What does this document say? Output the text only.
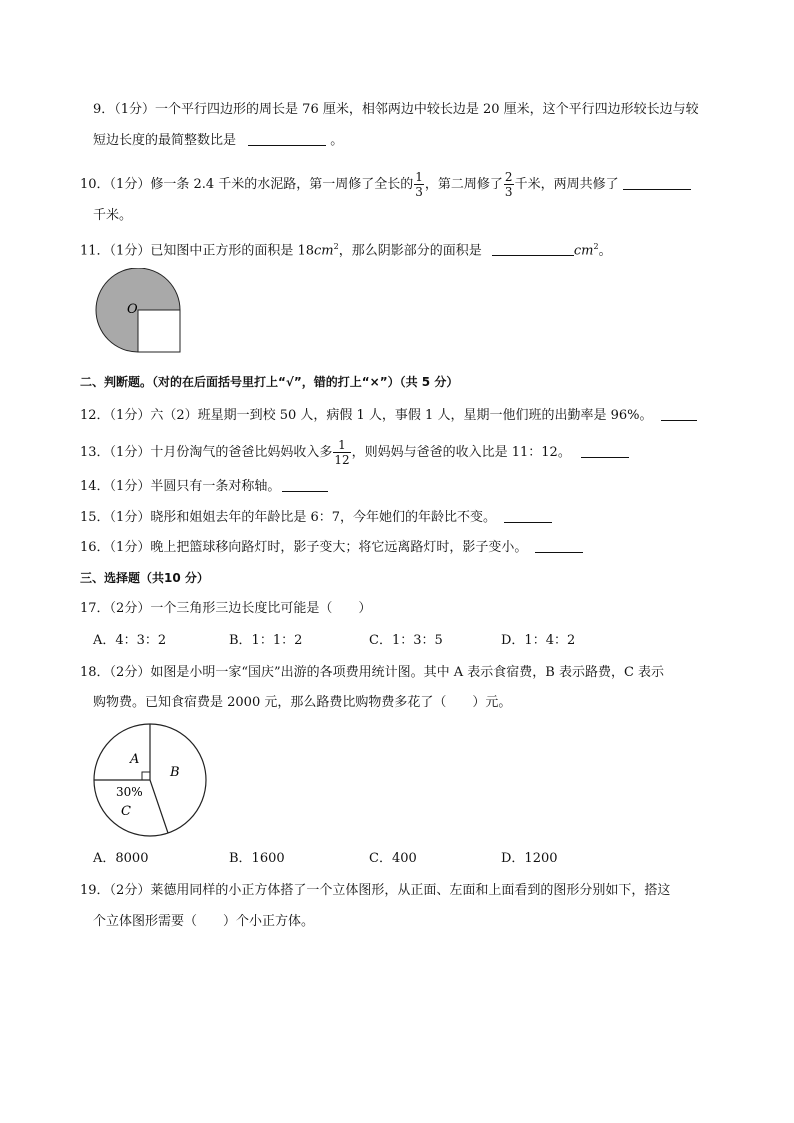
9．（1分）一个平行四边形的周长是 76 厘米，相邻两边中较长边是 20 厘米，这个平行四边形较长边与较
短边长度的最简整数比是	。
10．（1分）修一条 2.4 千米的水泥路，第一周修了全长的 $\frac{1}{3}$ ，第二周修了 $\frac{2}{3}$ 千米，两周共修了
千米。
11．（1分）已知图中正方形的面积是 $18cm^2$，那么阴影部分的面积是	$cm^2$。
O
二、判断题。（对的在后面括号里打上“√”，错的打上“×”）（共 5 分）
12．（1分）六（2）班星期一到校 50 人，病假 1 人，事假 1 人，星期一他们班的出勤率是 96%。
13．（1分）十月份淘气的爸爸比妈妈收入多 $\frac{1}{12}$ ，则妈妈与爸爸的收入比是 11：12。
14．（1分）半圆只有一条对称轴。
15．（1分）晓彤和姐姐去年的年龄比是 6：7，今年她们的年龄比不变。
16．（1分）晚上把篮球移向路灯时，影子变大；将它远离路灯时，影子变小。
三、选择题（共10 分）
17．（2分）一个三角形三边长度比可能是（　　）
A．4：3：2	B．1：1：2	C．1：3：5	D．1：4：2
18．（2分）如图是小明一家“国庆”出游的各项费用统计图。其中 A 表示食宿费，B 表示路费，C 表示
购物费。已知食宿费是 2000 元，那么路费比购物费多花了（　　）元。
A
B
30%
C
A．8000	B．1600	C．400	D．1200
19．（2分）莱德用同样的小正方体搭了一个立体图形，从正面、左面和上面看到的图形分别如下，搭这
个立体图形需要（　　）个小正方体。
